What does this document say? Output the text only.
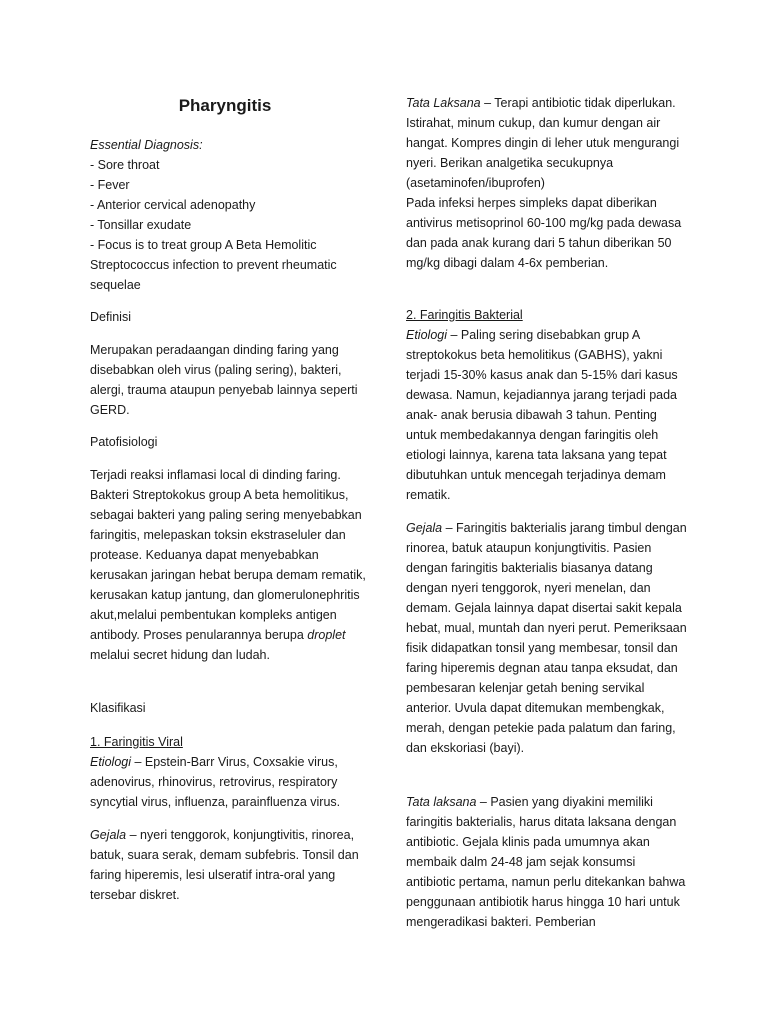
Pharyngitis

Essential Diagnosis:

- Sore throat

- Fever

- Anterior cervical adenopathy

- Tonsillar exudate

- Focus is to treat group A Beta Hemolitic Streptococcus infection to prevent rheumatic sequelae

Definisi

Merupakan peradaangan dinding faring yang disebabkan oleh virus (paling sering), bakteri, alergi, trauma ataupun penyebab lainnya seperti GERD.

Patofisiologi

Terjadi reaksi inflamasi local di dinding faring. Bakteri Streptokokus group A beta hemolitikus, sebagai bakteri yang paling sering menyebabkan faringitis, melepaskan toksin ekstraseluler dan protease. Keduanya dapat menyebabkan kerusakan jaringan hebat berupa demam rematik, kerusakan katup jantung, dan glomerulonephritis akut,melalui pembentukan kompleks antigen antibody. Proses penularannya berupa droplet melalui secret hidung dan ludah.

Klasifikasi

1. Faringitis Viral

Etiologi – Epstein-Barr Virus, Coxsakie virus, adenovirus, rhinovirus, retrovirus, respiratory syncytial virus, influenza, parainfluenza virus.

Gejala – nyeri tenggorok, konjungtivitis, rinorea, batuk, suara serak, demam subfebris. Tonsil dan faring hiperemis, lesi ulseratif intra-oral yang tersebar diskret.

Tata Laksana – Terapi antibiotic tidak diperlukan. Istirahat, minum cukup, dan kumur dengan air hangat. Kompres dingin di leher utuk mengurangi nyeri. Berikan analgetika secukupnya (asetaminofen/ibuprofen)

Pada infeksi herpes simpleks dapat diberikan antivirus metisoprinol 60-100 mg/kg pada dewasa dan pada anak kurang dari 5 tahun diberikan 50 mg/kg dibagi dalam 4-6x pemberian.

2. Faringitis Bakterial

Etiologi – Paling sering disebabkan grup A streptokokus beta hemolitikus (GABHS), yakni terjadi 15-30% kasus anak dan 5-15% dari kasus dewasa. Namun, kejadiannya jarang terjadi pada anak- anak berusia dibawah 3 tahun. Penting untuk membedakannya dengan faringitis oleh etiologi lainnya, karena tata laksana yang tepat dibutuhkan untuk mencegah terjadinya demam rematik.

Gejala – Faringitis bakterialis jarang timbul dengan rinorea, batuk ataupun konjungtivitis. Pasien dengan faringitis bakterialis biasanya datang dengan nyeri tenggorok, nyeri menelan, dan demam. Gejala lainnya dapat disertai sakit kepala hebat, mual, muntah dan nyeri perut. Pemeriksaan fisik didapatkan tonsil yang membesar, tonsil dan faring hiperemis degnan atau tanpa eksudat, dan pembesaran kelenjar getah bening servikal anterior. Uvula dapat ditemukan membengkak, merah, dengan petekie pada palatum dan faring, dan ekskoriasi (bayi).

Tata laksana – Pasien yang diyakini memiliki faringitis bakterialis, harus ditata laksana dengan antibiotic. Gejala klinis pada umumnya akan membaik dalm 24-48 jam sejak konsumsi antibiotic pertama, namun perlu ditekankan bahwa penggunaan antibiotik harus hingga 10 hari untuk mengeradikasi bakteri. Pemberian
